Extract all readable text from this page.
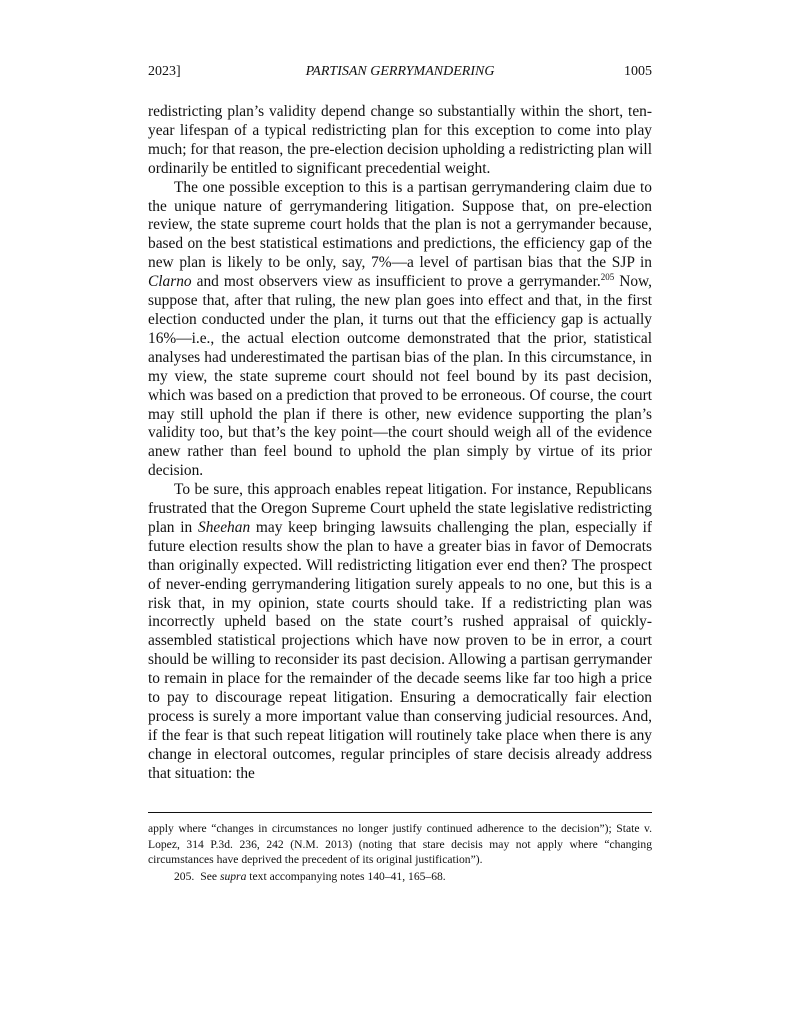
2023]	PARTISAN GERRYMANDERING	1005

redistricting plan’s validity depend change so substantially within the short, ten-year lifespan of a typical redistricting plan for this exception to come into play much; for that reason, the pre-election decision upholding a redistricting plan will ordinarily be entitled to significant precedential weight.

The one possible exception to this is a partisan gerrymandering claim due to the unique nature of gerrymandering litigation. Suppose that, on pre-election review, the state supreme court holds that the plan is not a gerrymander because, based on the best statistical estimations and predictions, the efficiency gap of the new plan is likely to be only, say, 7%—a level of partisan bias that the SJP in Clarno and most observers view as insufficient to prove a gerrymander.$^{205}$ Now, suppose that, after that ruling, the new plan goes into effect and that, in the first election conducted under the plan, it turns out that the efficiency gap is actually 16%—i.e., the actual election outcome demonstrated that the prior, statistical analyses had underestimated the partisan bias of the plan. In this circumstance, in my view, the state supreme court should not feel bound by its past decision, which was based on a prediction that proved to be erroneous. Of course, the court may still uphold the plan if there is other, new evidence supporting the plan’s validity too, but that’s the key point—the court should weigh all of the evidence anew rather than feel bound to uphold the plan simply by virtue of its prior decision.

To be sure, this approach enables repeat litigation. For instance, Republicans frustrated that the Oregon Supreme Court upheld the state legislative redistricting plan in Sheehan may keep bringing lawsuits challenging the plan, especially if future election results show the plan to have a greater bias in favor of Democrats than originally expected. Will redistricting litigation ever end then? The prospect of never-ending gerrymandering litigation surely appeals to no one, but this is a risk that, in my opinion, state courts should take. If a redistricting plan was incorrectly upheld based on the state court’s rushed appraisal of quickly-assembled statistical projections which have now proven to be in error, a court should be willing to reconsider its past decision. Allowing a partisan gerrymander to remain in place for the remainder of the decade seems like far too high a price to pay to discourage repeat litigation. Ensuring a democratically fair election process is surely a more important value than conserving judicial resources. And, if the fear is that such repeat litigation will routinely take place when there is any change in electoral outcomes, regular principles of stare decisis already address that situation: the

apply where “changes in circumstances no longer justify continued adherence to the decision”); State v. Lopez, 314 P.3d. 236, 242 (N.M. 2013) (noting that stare decisis may not apply where “changing circumstances have deprived the precedent of its original justification”).

205. See supra text accompanying notes 140–41, 165–68.
